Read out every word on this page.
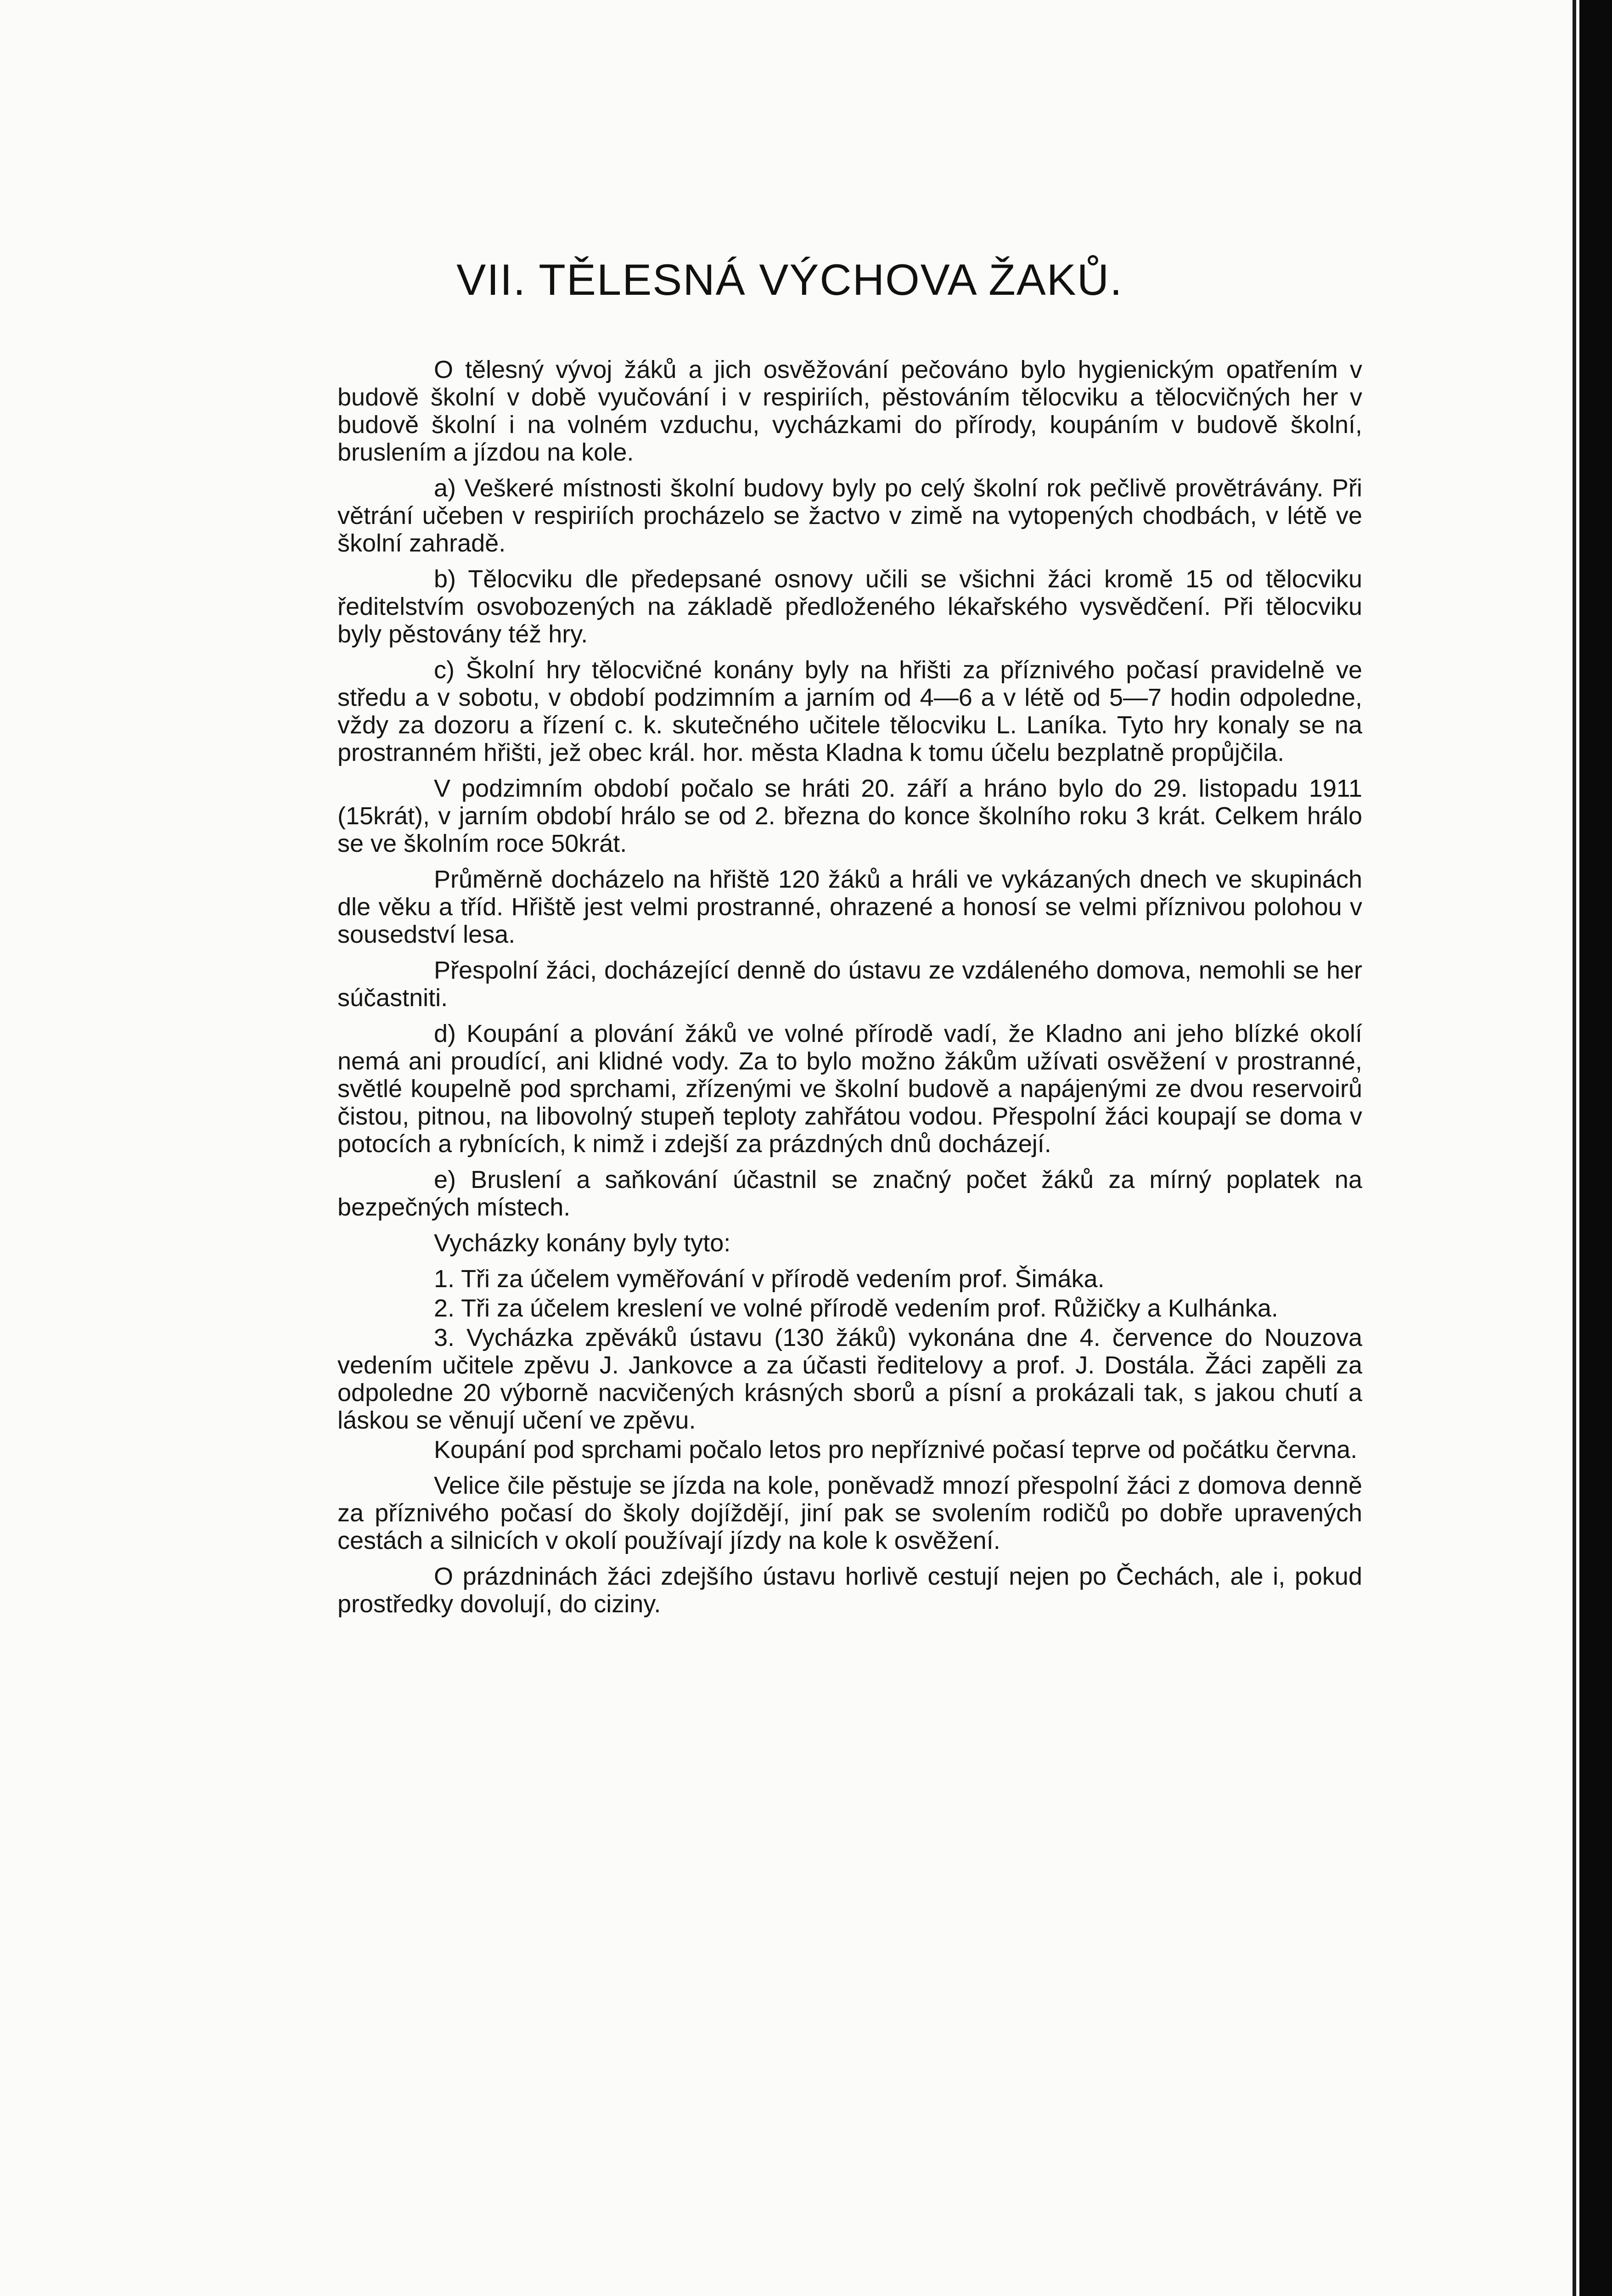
VII. TĚLESNÁ VÝCHOVA ŽAKŮ.

O tělesný vývoj žáků a jich osvěžování pečováno bylo hygienickým opatřením v budově školní v době vyučování i v respiriích, pěstováním tělocviku a tělocvičných her v budově školní i na volném vzduchu, vycházkami do přírody, koupáním v budově školní, bruslením a jízdou na kole.

a) Veškeré místnosti školní budovy byly po celý školní rok pečlivě provětrávány. Při větrání učeben v respiriích procházelo se žactvo v zimě na vytopených chodbách, v létě ve školní zahradě.

b) Tělocviku dle předepsané osnovy učili se všichni žáci kromě 15 od tělocviku ředitelstvím osvobozených na základě předloženého lékařského vysvědčení. Při tělocviku byly pěstovány též hry.

c) Školní hry tělocvičné konány byly na hřišti za příznivého počasí pravidelně ve středu a v sobotu, v období podzimním a jarním od 4—6 a v létě od 5—7 hodin odpoledne, vždy za dozoru a řízení c. k. skutečného učitele tělocviku L. Laníka. Tyto hry konaly se na prostranném hřišti, jež obec král. hor. města Kladna k tomu účelu bezplatně propůjčila.

V podzimním období počalo se hráti 20. září a hráno bylo do 29. listopadu 1911 (15krát), v jarním období hrálo se od 2. března do konce školního roku 3 krát. Celkem hrálo se ve školním roce 50krát.

Průměrně docházelo na hřiště 120 žáků a hráli ve vykázaných dnech ve skupinách dle věku a tříd. Hřiště jest velmi prostranné, ohrazené a honosí se velmi příznivou polohou v sousedství lesa.

Přespolní žáci, docházející denně do ústavu ze vzdáleného domova, nemohli se her súčastniti.

d) Koupání a plování žáků ve volné přírodě vadí, že Kladno ani jeho blízké okolí nemá ani proudící, ani klidné vody. Za to bylo možno žákům užívati osvěžení v prostranné, světlé koupelně pod sprchami, zřízenými ve školní budově a napájenými ze dvou reservoirů čistou, pitnou, na libovolný stupeň teploty zahřátou vodou. Přespolní žáci koupají se doma v potocích a rybnících, k nimž i zdejší za prázdných dnů docházejí.

e) Bruslení a saňkování účastnil se značný počet žáků za mírný poplatek na bezpečných místech.

Vycházky konány byly tyto:

1. Tři za účelem vyměřování v přírodě vedením prof. Šimáka.
2. Tři za účelem kreslení ve volné přírodě vedením prof. Růžičky a Kulhánka.
3. Vycházka zpěváků ústavu (130 žáků) vykonána dne 4. července do Nouzova vedením učitele zpěvu J. Jankovce a za účasti ředitelovy a prof. J. Dostála. Žáci zapěli za odpoledne 20 výborně nacvičených krásných sborů a písní a prokázali tak, s jakou chutí a láskou se věnují učení ve zpěvu.

Koupání pod sprchami počalo letos pro nepříznivé počasí teprve od počátku června.

Velice čile pěstuje se jízda na kole, poněvadž mnozí přespolní žáci z domova denně za příznivého počasí do školy dojíždějí, jiní pak se svolením rodičů po dobře upravených cestách a silnicích v okolí používají jízdy na kole k osvěžení.

O prázdninách žáci zdejšího ústavu horlivě cestují nejen po Čechách, ale i, pokud prostředky dovolují, do ciziny.
